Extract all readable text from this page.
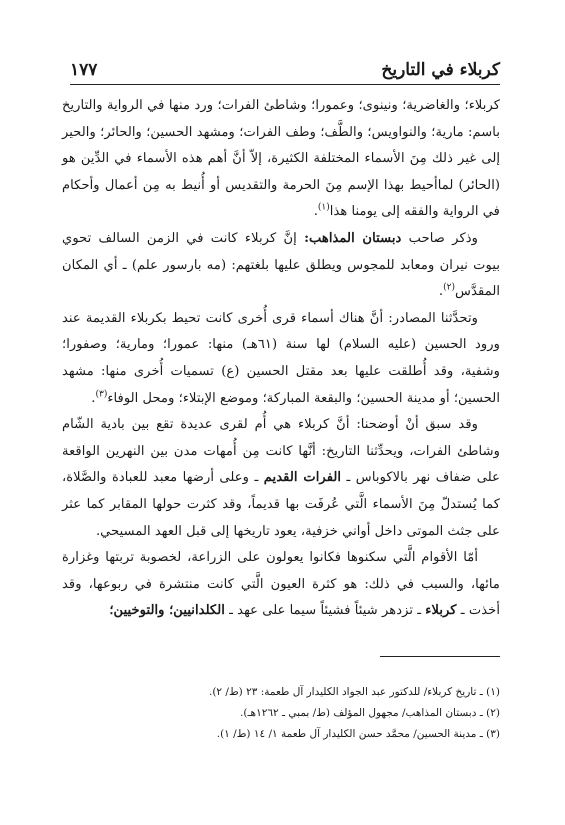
كربلاء في التاريخ
١٧٧

كربلاء؛ والغاضرية؛ ونينوى؛ وعمورا؛ وشاطئ الفرات؛ ورد منها في الرواية والتاريخ باسم: مارية؛ والنواويس؛ والطَّف؛ وطف الفرات؛ ومشهد الحسين؛ والحائر؛ والحير إلى غير ذلك مِنَ الأسماء المختلفة الكثيرة، إلاّ أنَّ أهم هذه الأسماء في الدِّين هو (الحائر) لماأحيط بهذا الإسم مِنَ الحرمة والتقديس أو أُنيط به مِن أعمال وأحكام في الرواية والفقه إلى يومنا هذا$^{(١)}$.

وذكر صاحب دبستان المذاهب: إنَّ كربلاء كانت في الزمن السالف تحوي بيوت نيران ومعابد للمجوس ويطلق عليها بلغتهم: (مه بارسور علم) ـ أي المكان المقدَّس$^{(٢)}$.

وتحدَّثنا المصادر: أنَّ هناك أسماء قرى أُخرى كانت تحيط بكربلاء القديمة عند ورود الحسين (عليه السلام) لها سنة (٦١هـ) منها: عمورا؛ ومارية؛ وصفورا؛ وشفية، وقد أُطلقت عليها بعد مقتل الحسين (ع) تسميات أُخرى منها: مشهد الحسين؛ أو مدينة الحسين؛ والبقعة المباركة؛ وموضع الإبتلاء؛ ومحل الوفاء$^{(٣)}$.

وقد سبق أنْ أوضحنا: أنَّ كربلاء هي أُم لقرى عديدة تقع بين بادية الشّام وشاطئ الفرات، ويحدِّثنا التاريخ: أنَّها كانت مِن أُمهات مدن بين النهرين الواقعة على ضفاف نهر بالاكوباس ـ الفرات القديم ـ وعلى أرضها معبد للعبادة والصَّلاة، كما يُستدلّ مِنَ الأسماء الَّتي عُرفَت بها قديماً، وقد كثرت حولها المقابر كما عثر على جثث الموتى داخل أواني خزفية، يعود تاريخها إلى قبل العهد المسيحي.

أمّا الأقوام الَّتي سكنوها فكانوا يعولون على الزراعة، لخصوبة تربتها وغزارة مائها، والسبب في ذلك: هو كثرة العيون الَّتي كانت منتشرة في ربوعها، وقد أخذت ـ كربلاء ـ تزدهر شيئاً فشيئاً سيما على عهد ـ الكلدانيين؛ والتوخيين؛

(١) ـ تاريخ كربلاء/ للدكتور عبد الجواد الكليدار آل طعمة: ٢٣ (ط/ ٢).

(٢) ـ دبستان المذاهب/ مجهول المؤلف (ط/ بمبي ـ ١٢٦٢هـ).

(٣) ـ مدينة الحسين/ محمَّد حسن الكليدار آل طعمة ١/ ١٤ (ط/ ١).
